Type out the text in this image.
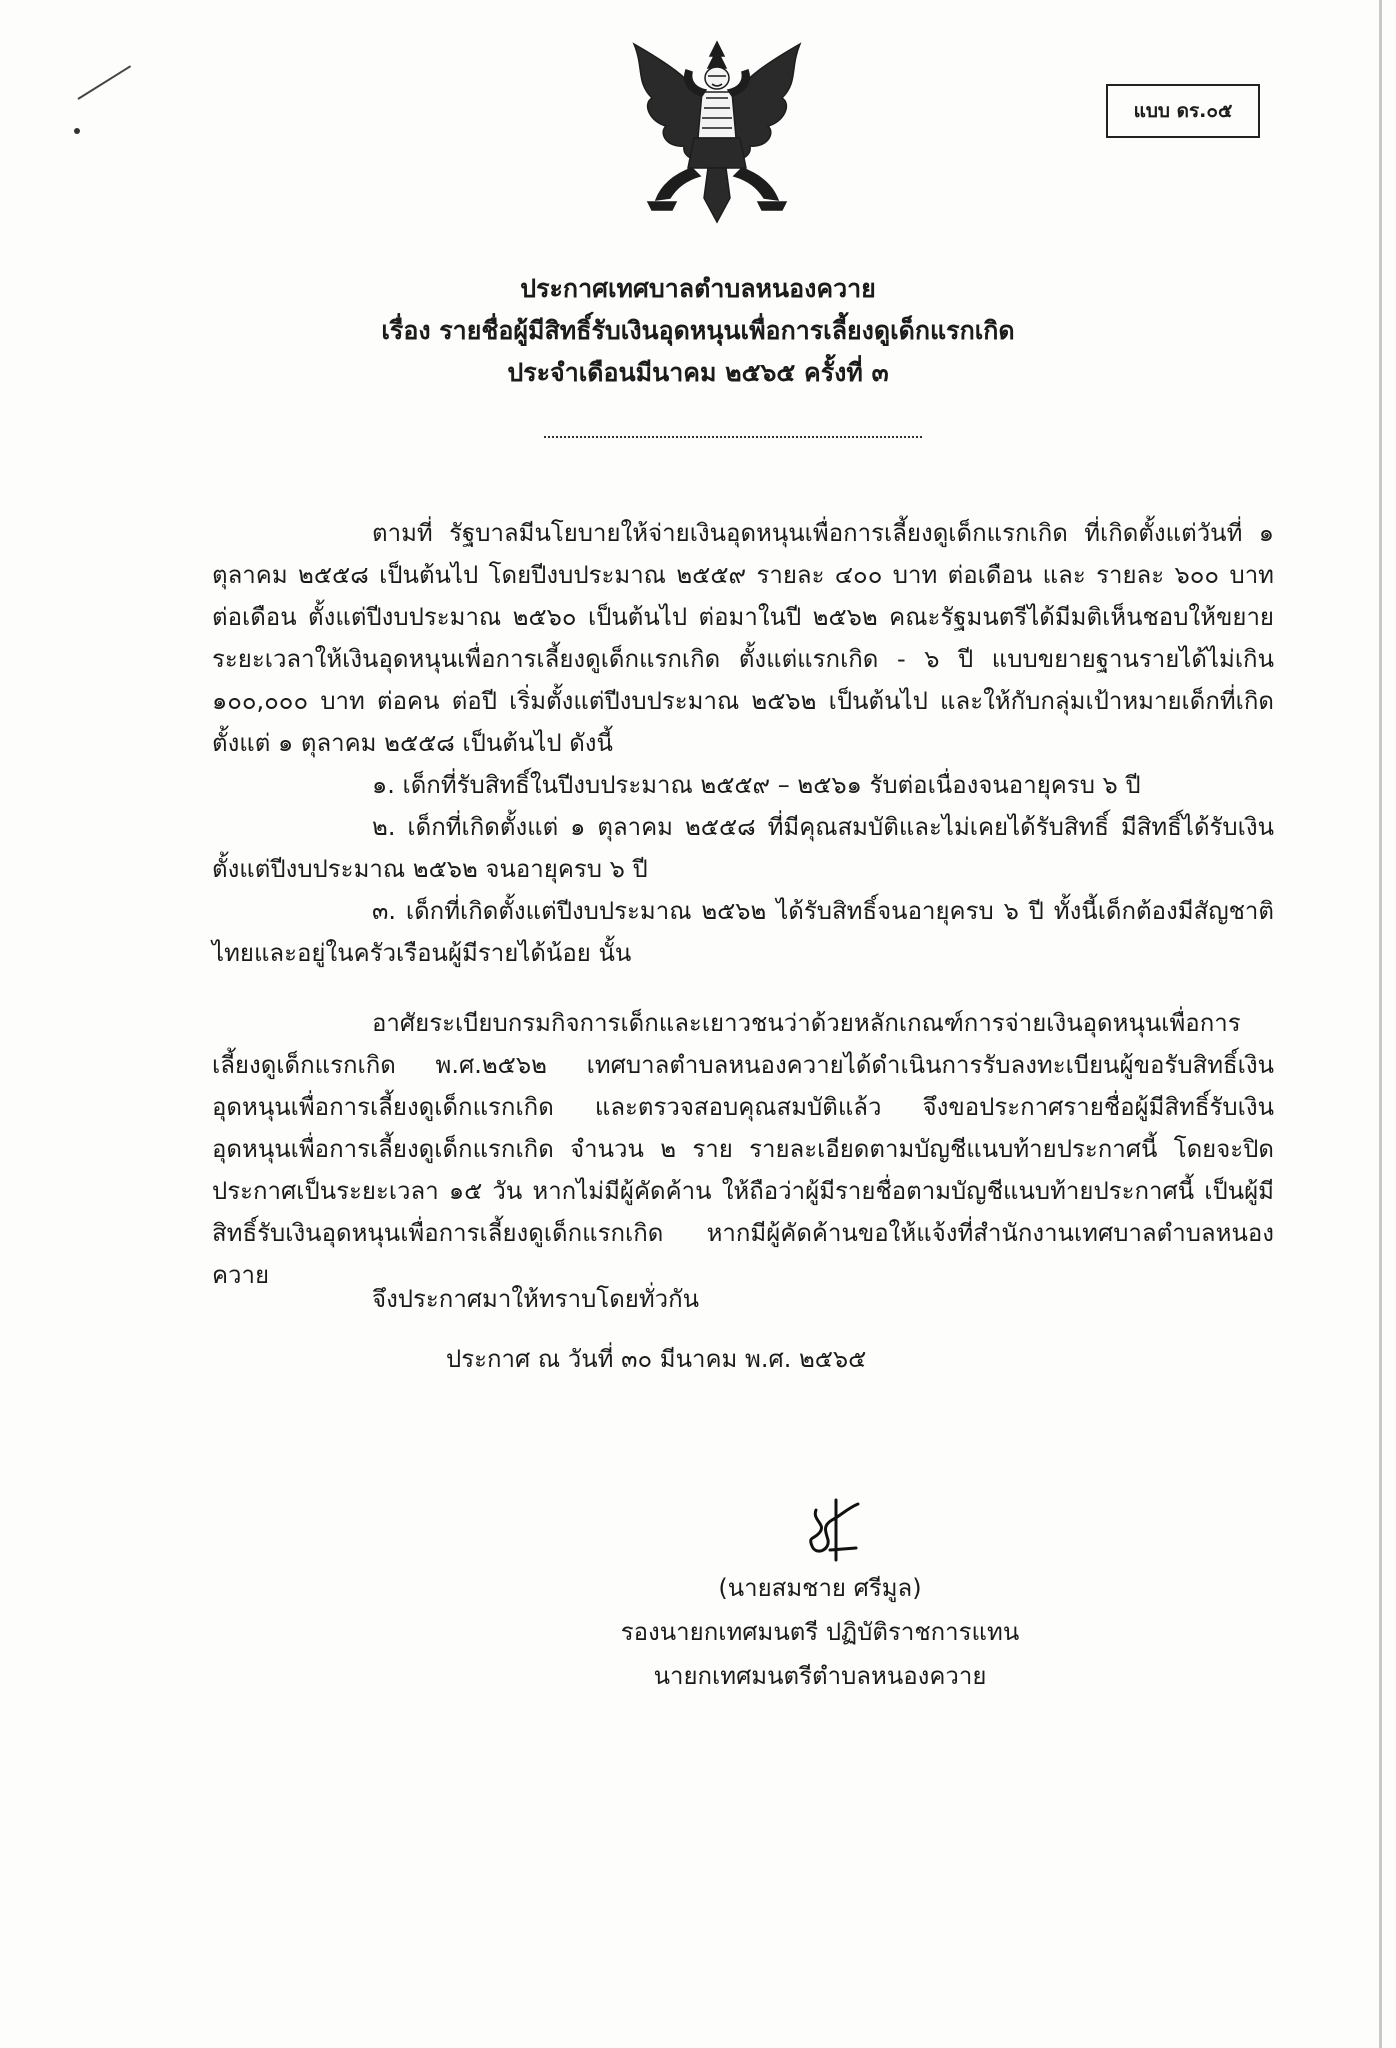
แบบ ดร.๐๕
ประกาศเทศบาลตำบลหนองควาย
เรื่อง รายชื่อผู้มีสิทธิ์รับเงินอุดหนุนเพื่อการเลี้ยงดูเด็กแรกเกิด
ประจำเดือนมีนาคม ๒๕๖๕ ครั้งที่ ๓

ตามที่ รัฐบาลมีนโยบายให้จ่ายเงินอุดหนุนเพื่อการเลี้ยงดูเด็กแรกเกิด ที่เกิดตั้งแต่วันที่ ๑ ตุลาคม ๒๕๕๘ เป็นต้นไป โดยปีงบประมาณ ๒๕๕๙ รายละ ๔๐๐ บาท ต่อเดือน และ รายละ ๖๐๐ บาท ต่อเดือน ตั้งแต่ปีงบประมาณ ๒๕๖๐ เป็นต้นไป ต่อมาในปี ๒๕๖๒ คณะรัฐมนตรีได้มีมติเห็นชอบให้ขยายระยะเวลาให้เงินอุดหนุนเพื่อการเลี้ยงดูเด็กแรกเกิด ตั้งแต่แรกเกิด - ๖ ปี แบบขยายฐานรายได้ไม่เกิน ๑๐๐,๐๐๐ บาท ต่อคน ต่อปี เริ่มตั้งแต่ปีงบประมาณ ๒๕๖๒ เป็นต้นไป และให้กับกลุ่มเป้าหมายเด็กที่เกิดตั้งแต่ ๑ ตุลาคม ๒๕๕๘ เป็นต้นไป ดังนี้

๑. เด็กที่รับสิทธิ์ในปีงบประมาณ ๒๕๕๙ – ๒๕๖๑ รับต่อเนื่องจนอายุครบ ๖ ปี

๒. เด็กที่เกิดตั้งแต่ ๑ ตุลาคม ๒๕๕๘ ที่มีคุณสมบัติและไม่เคยได้รับสิทธิ์ มีสิทธิ์ได้รับเงินตั้งแต่ปีงบประมาณ ๒๕๖๒ จนอายุครบ ๖ ปี

๓. เด็กที่เกิดตั้งแต่ปีงบประมาณ ๒๕๖๒ ได้รับสิทธิ์จนอายุครบ ๖ ปี ทั้งนี้เด็กต้องมีสัญชาติไทยและอยู่ในครัวเรือนผู้มีรายได้น้อย นั้น

อาศัยระเบียบกรมกิจการเด็กและเยาวชนว่าด้วยหลักเกณฑ์การจ่ายเงินอุดหนุนเพื่อการเลี้ยงดูเด็กแรกเกิด พ.ศ.๒๕๖๒ เทศบาลตำบลหนองควายได้ดำเนินการรับลงทะเบียนผู้ขอรับสิทธิ์เงินอุดหนุนเพื่อการเลี้ยงดูเด็กแรกเกิด และตรวจสอบคุณสมบัติแล้ว จึงขอประกาศรายชื่อผู้มีสิทธิ์รับเงินอุดหนุนเพื่อการเลี้ยงดูเด็กแรกเกิด จำนวน ๒ ราย รายละเอียดตามบัญชีแนบท้ายประกาศนี้ โดยจะปิดประกาศเป็นระยะเวลา ๑๕ วัน หากไม่มีผู้คัดค้าน ให้ถือว่าผู้มีรายชื่อตามบัญชีแนบท้ายประกาศนี้ เป็นผู้มีสิทธิ์รับเงินอุดหนุนเพื่อการเลี้ยงดูเด็กแรกเกิด หากมีผู้คัดค้านขอให้แจ้งที่สำนักงานเทศบาลตำบลหนองควาย

จึงประกาศมาให้ทราบโดยทั่วกัน
ประกาศ ณ วันที่ ๓๐ มีนาคม พ.ศ. ๒๕๖๕
(นายสมชาย ศรีมูล)
รองนายกเทศมนตรี ปฏิบัติราชการแทน
นายกเทศมนตรีตำบลหนองควาย
